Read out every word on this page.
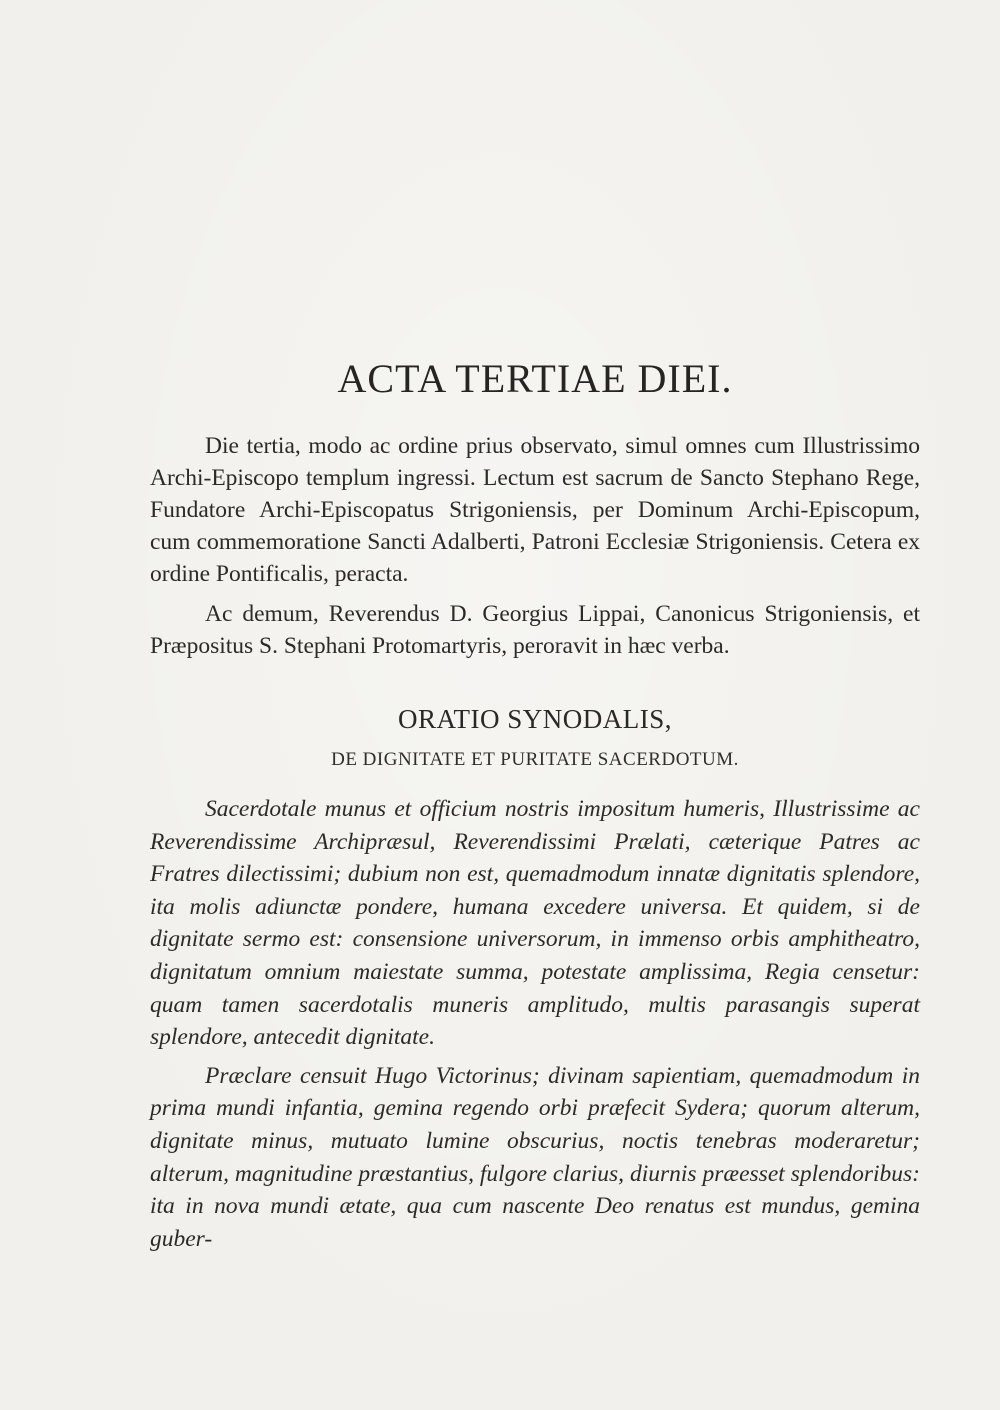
ACTA TERTIAE DIEI.

Die tertia, modo ac ordine prius observato, simul omnes cum Illustrissimo Archi-Episcopo templum ingressi. Lectum est sacrum de Sancto Stephano Rege, Fundatore Archi-Episcopatus Strigoniensis, per Dominum Archi-Episcopum, cum commemoratione Sancti Adalberti, Patroni Ecclesiæ Strigoniensis. Cetera ex ordine Pontificalis, peracta.

Ac demum, Reverendus D. Georgius Lippai, Canonicus Strigoniensis, et Præpositus S. Stephani Protomartyris, peroravit in hæc verba.

ORATIO SYNODALIS,
DE DIGNITATE ET PURITATE SACERDOTUM.

Sacerdotale munus et officium nostris impositum humeris, Illustrissime ac Reverendissime Archipræsul, Reverendissimi Prælati, cæterique Patres ac Fratres dilectissimi; dubium non est, quemadmodum innatæ dignitatis splendore, ita molis adiunctæ pondere, humana excedere universa. Et quidem, si de dignitate sermo est: consensione universorum, in immenso orbis amphitheatro, dignitatum omnium maiestate summa, potestate amplissima, Regia censetur: quam tamen sacerdotalis muneris amplitudo, multis parasangis superat splendore, antecedit dignitate.

Præclare censuit Hugo Victorinus; divinam sapientiam, quemadmodum in prima mundi infantia, gemina regendo orbi præfecit Sydera; quorum alterum, dignitate minus, mutuato lumine obscurius, noctis tenebras moderaretur; alterum, magnitudine præstantius, fulgore clarius, diurnis præesset splendoribus: ita in nova mundi ætate, qua cum nascente Deo renatus est mundus, gemina guber-
